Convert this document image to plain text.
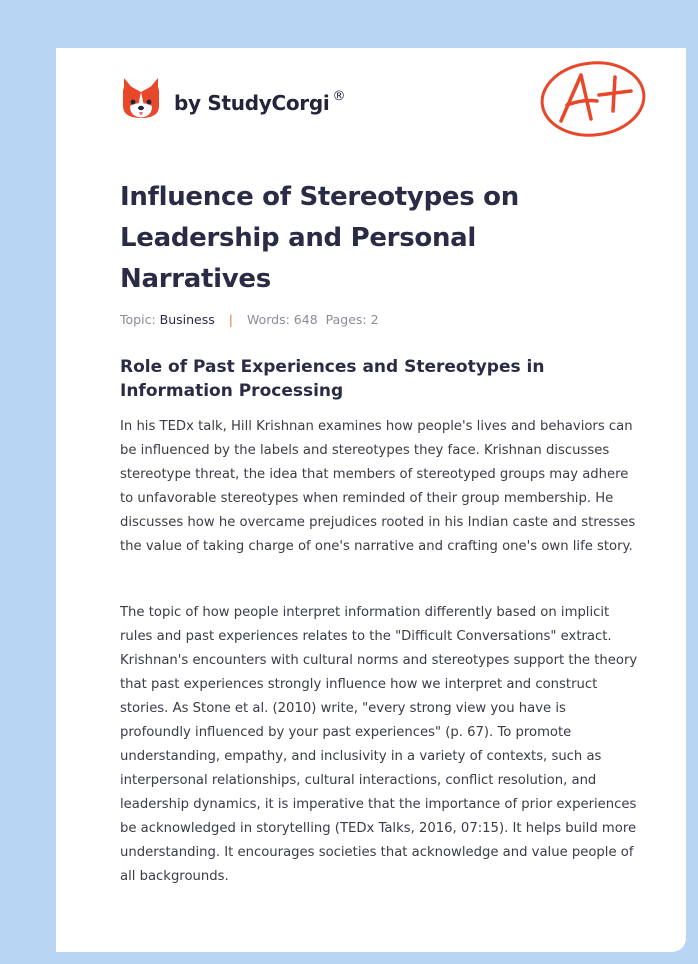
by StudyCorgi ®
Influence of Stereotypes on Leadership and Personal Narratives
Topic: Business | Words: 648 Pages: 2
Role of Past Experiences and Stereotypes in Information Processing

In his TEDx talk, Hill Krishnan examines how people's lives and behaviors can be influenced by the labels and stereotypes they face. Krishnan discusses stereotype threat, the idea that members of stereotyped groups may adhere to unfavorable stereotypes when reminded of their group membership. He discusses how he overcame prejudices rooted in his Indian caste and stresses the value of taking charge of one's narrative and crafting one's own life story.

The topic of how people interpret information differently based on implicit rules and past experiences relates to the "Difficult Conversations" extract. Krishnan's encounters with cultural norms and stereotypes support the theory that past experiences strongly influence how we interpret and construct stories. As Stone et al. (2010) write, "every strong view you have is profoundly influenced by your past experiences" (p. 67). To promote understanding, empathy, and inclusivity in a variety of contexts, such as interpersonal relationships, cultural interactions, conflict resolution, and leadership dynamics, it is imperative that the importance of prior experiences be acknowledged in storytelling (TEDx Talks, 2016, 07:15). It helps build more understanding. It encourages societies that acknowledge and value people of all backgrounds.
